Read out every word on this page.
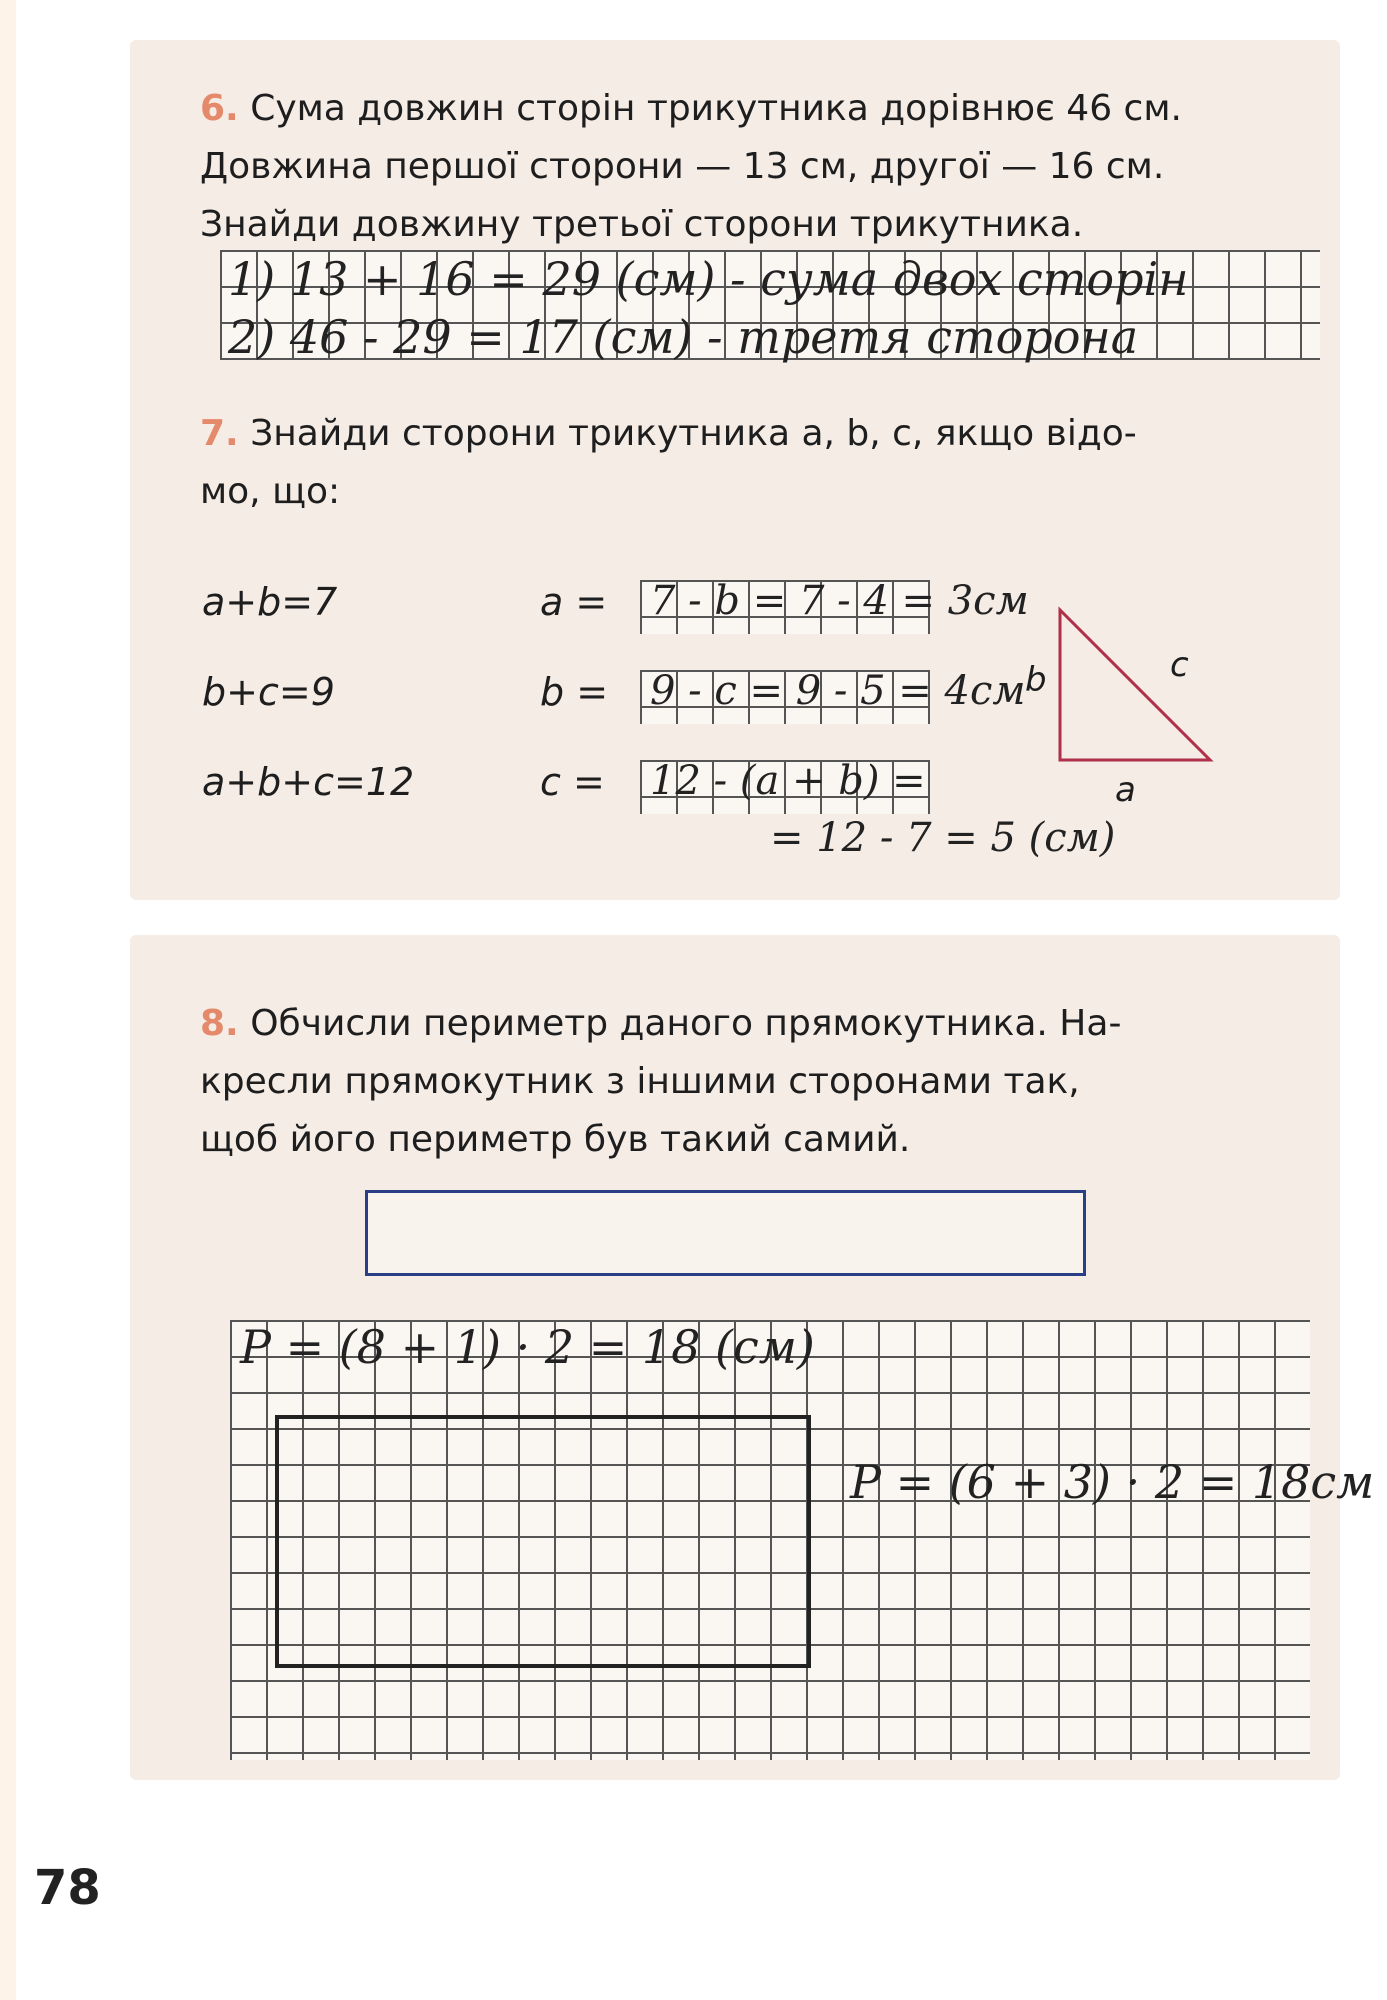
6. Сума довжин сторін трикутника дорівнює 46 см.
Довжина першої сторони — 13 см, другої — 16 см.
Знайди довжину третьої сторони трикутника.

1) 13 + 16 = 29 (см) - сума двох сторін
2) 46 - 29 = 17 (см) - третя сторона

7. Знайди сторони трикутника a, b, c, якщо відо-
мо, що:

a+b=7
b+c=9
a+b+c=12
a =
b =
c =
7 - b = 7 - 4 = 3см
9 - c = 9 - 5 = 4см
12 - (a + b) =
= 12 - 7 = 5 (см)
b	c
a

8. Обчисли периметр даного прямокутника. На-
кресли прямокутник з іншими сторонами так,
щоб його периметр був такий самий.

P = (8 + 1) · 2 = 18 (см)
P = (6 + 3) · 2 = 18см
78
